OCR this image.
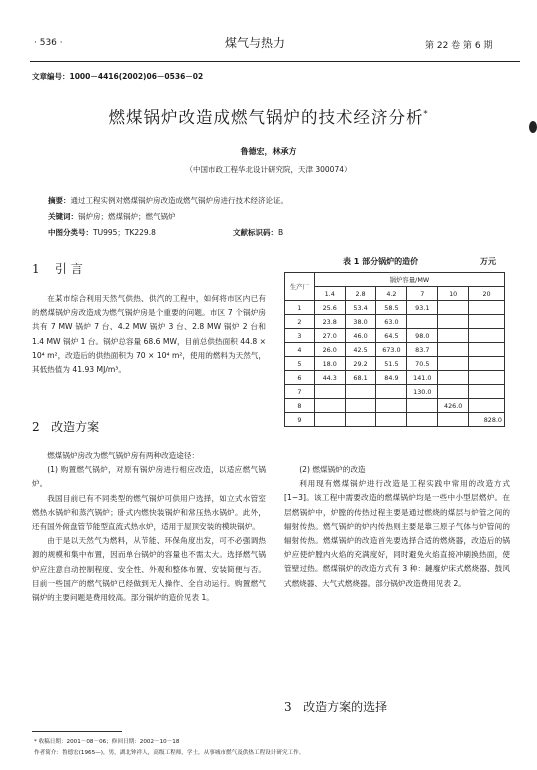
· 536 ·	煤气与热力	第 22 卷 第 6 期
文章编号：1000－4416(2002)06－0536－02
燃煤锅炉改造成燃气锅炉的技术经济分析*
鲁德宏，林承方
（中国市政工程华北设计研究院，天津 300074）
摘要：通过工程实例对燃煤锅炉房改造成燃气锅炉房进行技术经济论证。
关键词：锅炉房；燃煤锅炉；燃气锅炉
中图分类号：TU995；TK229.8	文献标识码：B
1 引 言

在某市综合利用天然气供热、供汽的工程中，如何将市区内已有的燃煤锅炉房改造成为燃气锅炉房是个重要的问题。市区 7 个锅炉房共有 7 MW 锅炉 7 台、4.2 MW 锅炉 3 台、2.8 MW 锅炉 2 台和 1.4 MW 锅炉 1 台。锅炉总容量 68.6 MW，目前总供热面积 44.8 × 10⁴ m²，改造后的供热面积为 70 × 10⁴ m²，使用的燃料为天然气，其低热值为 41.93 MJ/m³。

2 改造方案

燃煤锅炉房改为燃气锅炉房有两种改造途径：

(1) 购置燃气锅炉，对原有锅炉房进行相应改造，以适应燃气锅炉。

我国目前已有不同类型的燃气锅炉可供用户选择，如立式水管室燃热水锅炉和蒸汽锅炉；卧式内燃快装锅炉和常压热水锅炉。此外，还有国外俯盘管节能型直流式热水炉，适用于屋顶安装的模块锅炉。

由于是以天然气为燃料，从节能、环保角度出发，可不必强调热源的规模和集中布置，因而单台锅炉的容量也不需太大。选择燃气锅炉应注意自动控制程度、安全性、外观和整体布置、安装简便与否。目前一些国产的燃气锅炉已经做到无人操作、全自动运行。购置燃气锅炉的主要问题是费用较高。部分锅炉的造价见表 1。

表 1 部分锅炉的造价	万元
生产厂	锅炉容量/MW					
	1.4	2.8	4.2	7	10	20
1	25.6	53.4	58.5	93.1		
2	23.8	38.0	63.0			
3	27.0	46.0	64.5	98.0		
4	26.0	42.5	673.0	83.7		
5	18.0	29.2	51.5	70.5		
6	44.3	68.1	84.9	141.0		
7				130.0		
8					426.0	
9						828.0

(2) 燃煤锅炉的改造

利用现有燃煤锅炉进行改造是工程实践中常用的改造方式[1~3]。该工程中需要改造的燃煤锅炉均是一些中小型层燃炉。在层燃锅炉中，炉膛的传热过程主要是通过燃烧的煤层与炉管之间的辐射传热。燃气锅炉的炉内传热则主要是靠三原子气体与炉管间的辐射传热。燃煤锅炉的改造首先要选择合适的燃烧器，改造后的锅炉应使炉膛内火焰的充满度好，同时避免火焰直接冲刷换热面，使管壁过热。燃煤锅炉的改造方式有 3 种：鏈廢炉床式燃烧器、鼓风式燃烧器、大气式燃烧器。部分锅炉改造费用见表 2。

3 改造方案的选择
* 收稿日期：2001－08－06；修回日期：2002－10－18
作者简介：鲁德宏(1965—)，男，湖北钟祥人，高级工程师，学士，从事城市燃气及供热工程设计研究工作。
